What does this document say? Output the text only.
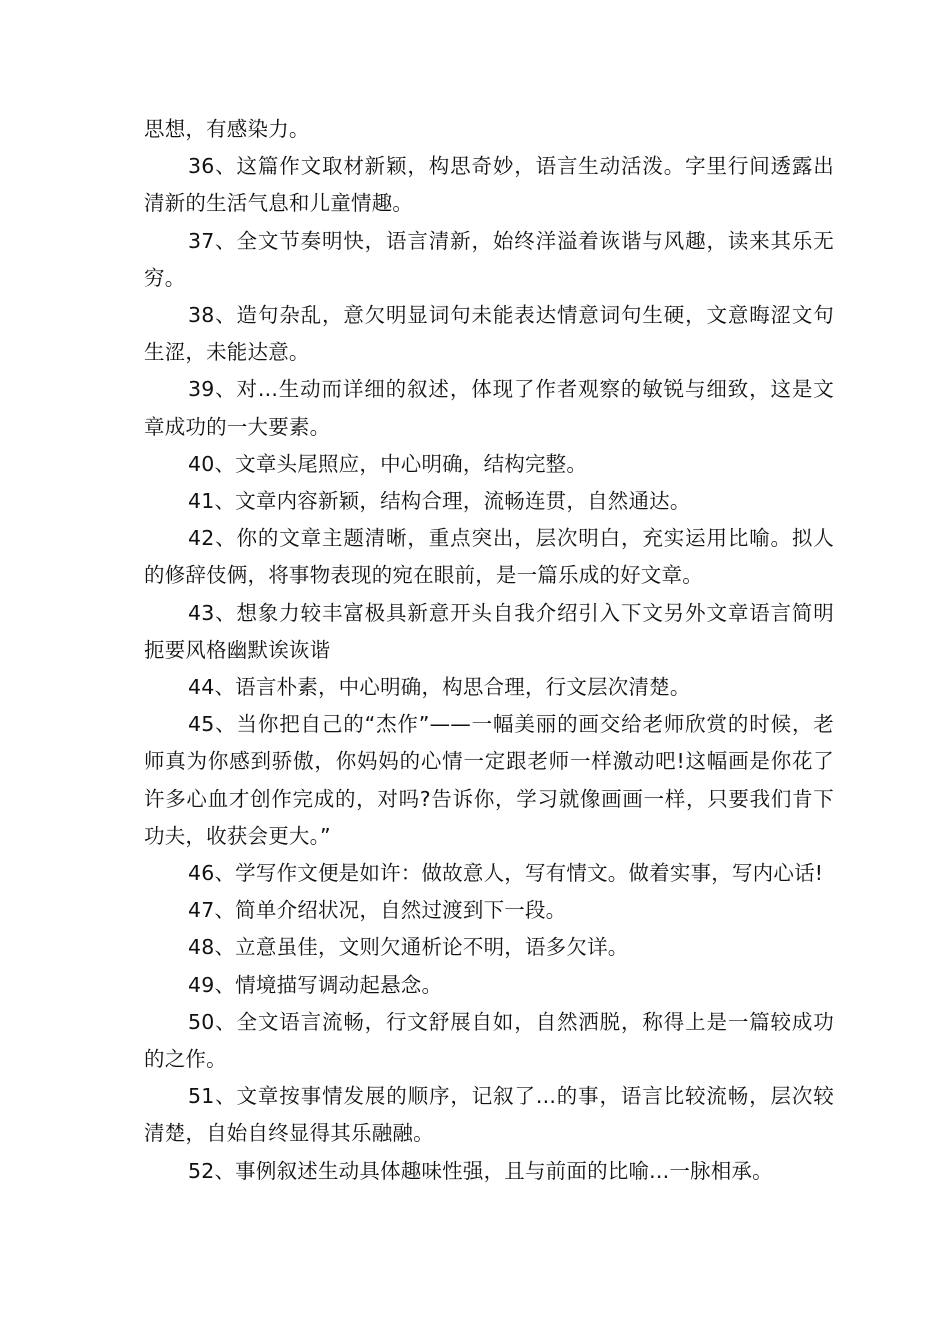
思想，有感染力。

36、这篇作文取材新颖，构思奇妙，语言生动活泼。字里行间透露出清新的生活气息和儿童情趣。

37、全文节奏明快，语言清新，始终洋溢着诙谐与风趣，读来其乐无穷。

38、造句杂乱，意欠明显词句未能表达情意词句生硬，文意晦涩文句生涩，未能达意。

39、对...生动而详细的叙述，体现了作者观察的敏锐与细致，这是文章成功的一大要素。

40、文章头尾照应，中心明确，结构完整。

41、文章内容新颖，结构合理，流畅连贯，自然通达。

42、你的文章主题清晰，重点突出，层次明白，充实运用比喻。拟人的修辞伎俩，将事物表现的宛在眼前，是一篇乐成的好文章。

43、想象力较丰富极具新意开头自我介绍引入下文另外文章语言简明扼要风格幽默诶诙谐

44、语言朴素，中心明确，构思合理，行文层次清楚。

45、当你把自己的“杰作”——一幅美丽的画交给老师欣赏的时候，老师真为你感到骄傲，你妈妈的心情一定跟老师一样激动吧!这幅画是你花了许多心血才创作完成的，对吗?告诉你，学习就像画画一样，只要我们肯下功夫，收获会更大。”

46、学写作文便是如许：做故意人，写有情文。做着实事，写内心话!

47、简单介绍状况，自然过渡到下一段。

48、立意虽佳，文则欠通析论不明，语多欠详。

49、情境描写调动起悬念。

50、全文语言流畅，行文舒展自如，自然洒脱，称得上是一篇较成功的之作。

51、文章按事情发展的顺序，记叙了...的事，语言比较流畅，层次较清楚，自始自终显得其乐融融。

52、事例叙述生动具体趣味性强，且与前面的比喻...一脉相承。
